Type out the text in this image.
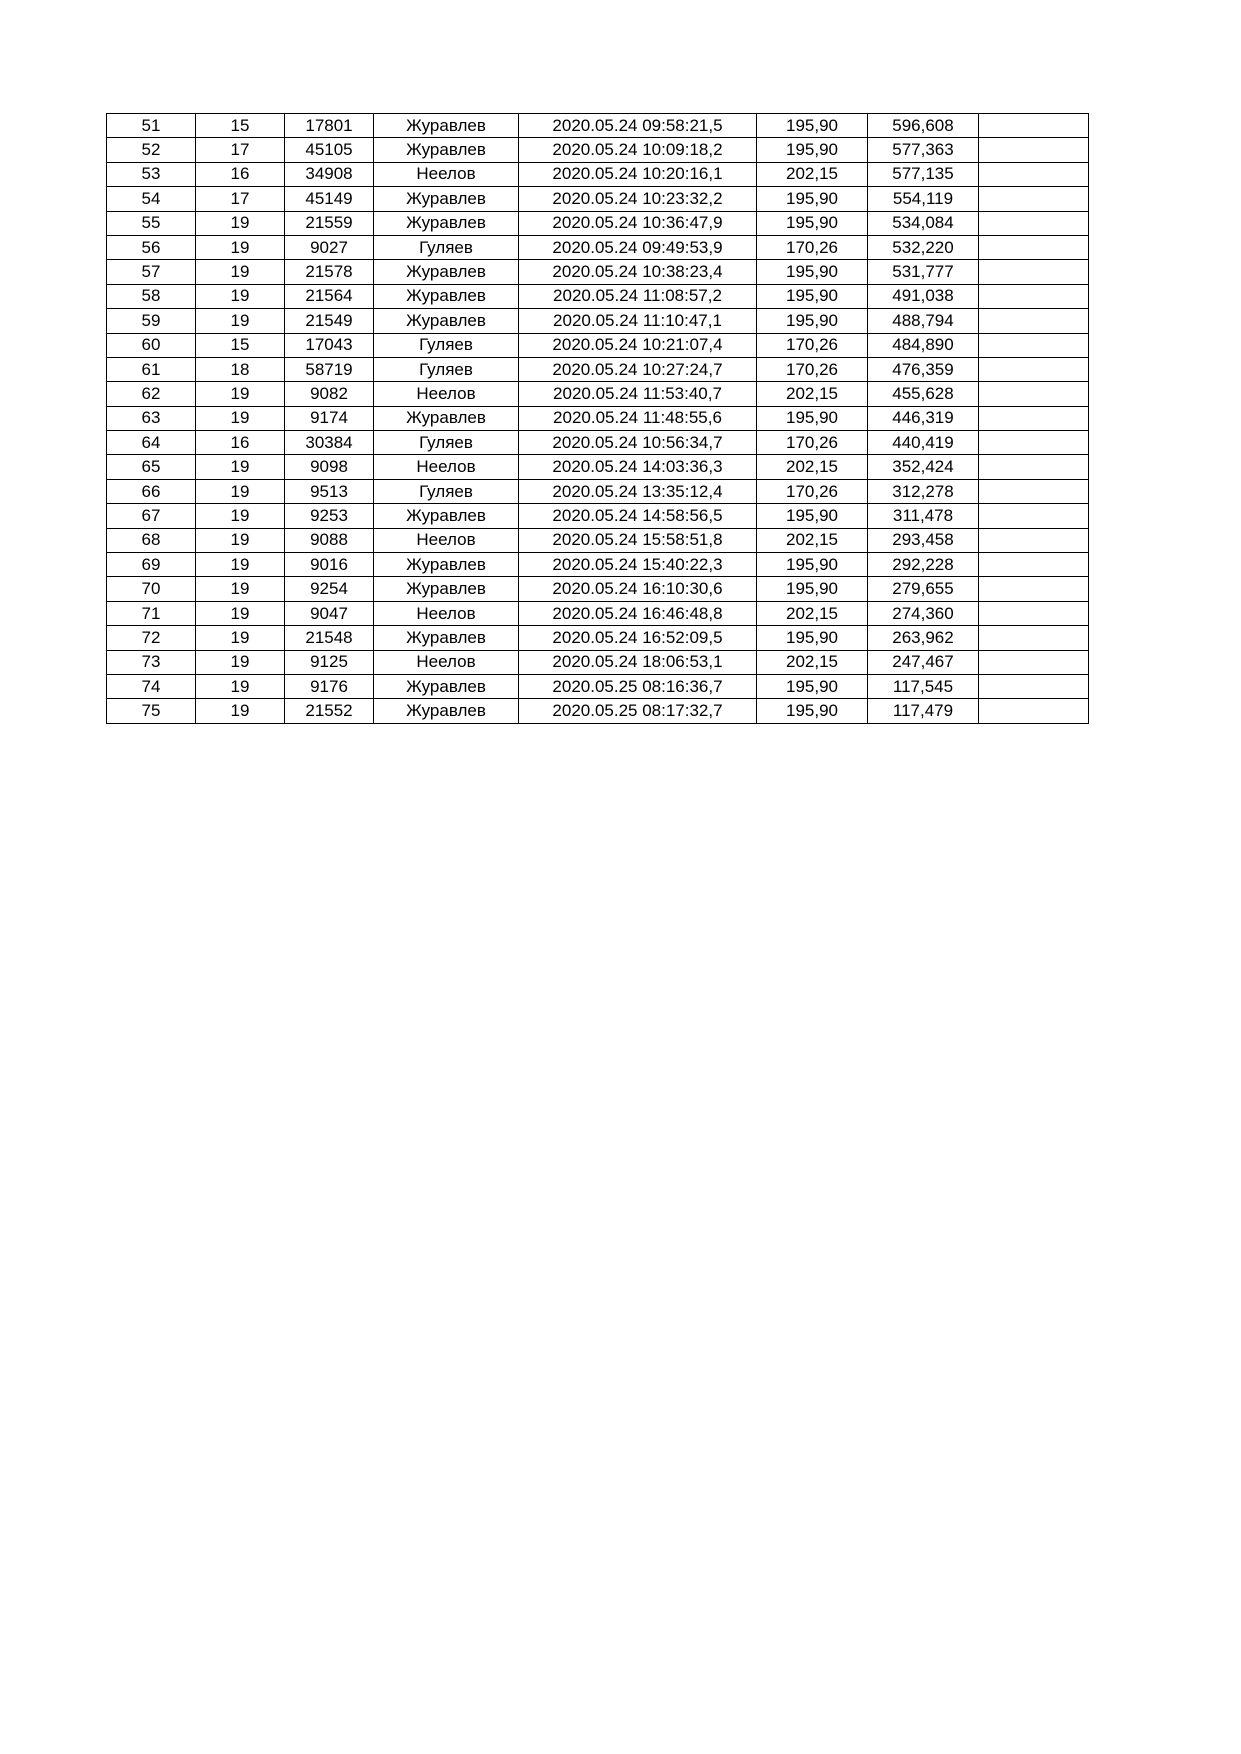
51	15	17801	Журавлев	2020.05.24 09:58:21,5	195,90	596,608	
52	17	45105	Журавлев	2020.05.24 10:09:18,2	195,90	577,363	
53	16	34908	Неелов	2020.05.24 10:20:16,1	202,15	577,135	
54	17	45149	Журавлев	2020.05.24 10:23:32,2	195,90	554,119	
55	19	21559	Журавлев	2020.05.24 10:36:47,9	195,90	534,084	
56	19	9027	Гуляев	2020.05.24 09:49:53,9	170,26	532,220	
57	19	21578	Журавлев	2020.05.24 10:38:23,4	195,90	531,777	
58	19	21564	Журавлев	2020.05.24 11:08:57,2	195,90	491,038	
59	19	21549	Журавлев	2020.05.24 11:10:47,1	195,90	488,794	
60	15	17043	Гуляев	2020.05.24 10:21:07,4	170,26	484,890	
61	18	58719	Гуляев	2020.05.24 10:27:24,7	170,26	476,359	
62	19	9082	Неелов	2020.05.24 11:53:40,7	202,15	455,628	
63	19	9174	Журавлев	2020.05.24 11:48:55,6	195,90	446,319	
64	16	30384	Гуляев	2020.05.24 10:56:34,7	170,26	440,419	
65	19	9098	Неелов	2020.05.24 14:03:36,3	202,15	352,424	
66	19	9513	Гуляев	2020.05.24 13:35:12,4	170,26	312,278	
67	19	9253	Журавлев	2020.05.24 14:58:56,5	195,90	311,478	
68	19	9088	Неелов	2020.05.24 15:58:51,8	202,15	293,458	
69	19	9016	Журавлев	2020.05.24 15:40:22,3	195,90	292,228	
70	19	9254	Журавлев	2020.05.24 16:10:30,6	195,90	279,655	
71	19	9047	Неелов	2020.05.24 16:46:48,8	202,15	274,360	
72	19	21548	Журавлев	2020.05.24 16:52:09,5	195,90	263,962	
73	19	9125	Неелов	2020.05.24 18:06:53,1	202,15	247,467	
74	19	9176	Журавлев	2020.05.25 08:16:36,7	195,90	117,545	
75	19	21552	Журавлев	2020.05.25 08:17:32,7	195,90	117,479	
